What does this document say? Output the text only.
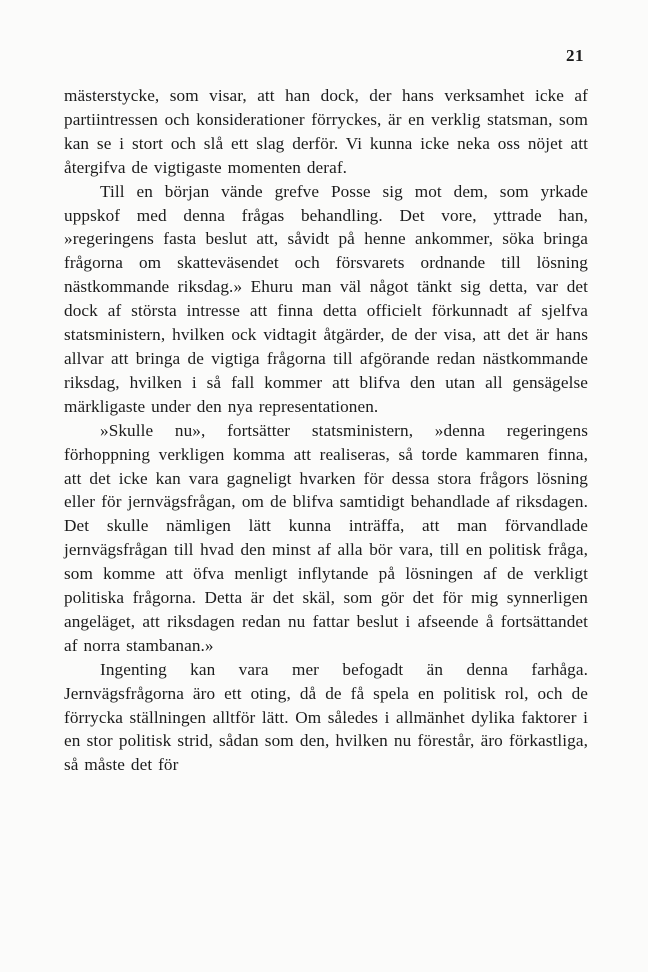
21

mästerstycke, som visar, att han dock, der hans verksamhet icke af partiintressen och konsiderationer förryckes, är en verklig statsman, som kan se i stort och slå ett slag derför. Vi kunna icke neka oss nöjet att återgifva de vigtigaste momenten deraf.

Till en början vände grefve Posse sig mot dem, som yrkade uppskof med denna frågas behandling. Det vore, yttrade han, »regeringens fasta beslut att, såvidt på henne ankommer, söka bringa frågorna om skatteväsendet och försvarets ordnande till lösning nästkommande riksdag.» Ehuru man väl något tänkt sig detta, var det dock af största intresse att finna detta officielt förkunnadt af sjelfva statsministern, hvilken ock vidtagit åtgärder, de der visa, att det är hans allvar att bringa de vigtiga frågorna till afgörande redan nästkommande riksdag, hvilken i så fall kommer att blifva den utan all gensägelse märkligaste under den nya representationen.

»Skulle nu», fortsätter statsministern, »denna regeringens förhoppning verkligen komma att realiseras, så torde kammaren finna, att det icke kan vara gagneligt hvarken för dessa stora frågors lösning eller för jernvägsfrågan, om de blifva samtidigt behandlade af riksdagen. Det skulle nämligen lätt kunna inträffa, att man förvandlade jernvägsfrågan till hvad den minst af alla bör vara, till en politisk fråga, som komme att öfva menligt inflytande på lösningen af de verkligt politiska frågorna. Detta är det skäl, som gör det för mig synnerligen angeläget, att riksdagen redan nu fattar beslut i afseende å fortsättandet af norra stambanan.»

Ingenting kan vara mer befogadt än denna farhåga. Jernvägsfrågorna äro ett oting, då de få spela en politisk rol, och de förrycka ställningen alltför lätt. Om således i allmänhet dylika faktorer i en stor politisk strid, sådan som den, hvilken nu förestår, äro förkastliga, så måste det för
